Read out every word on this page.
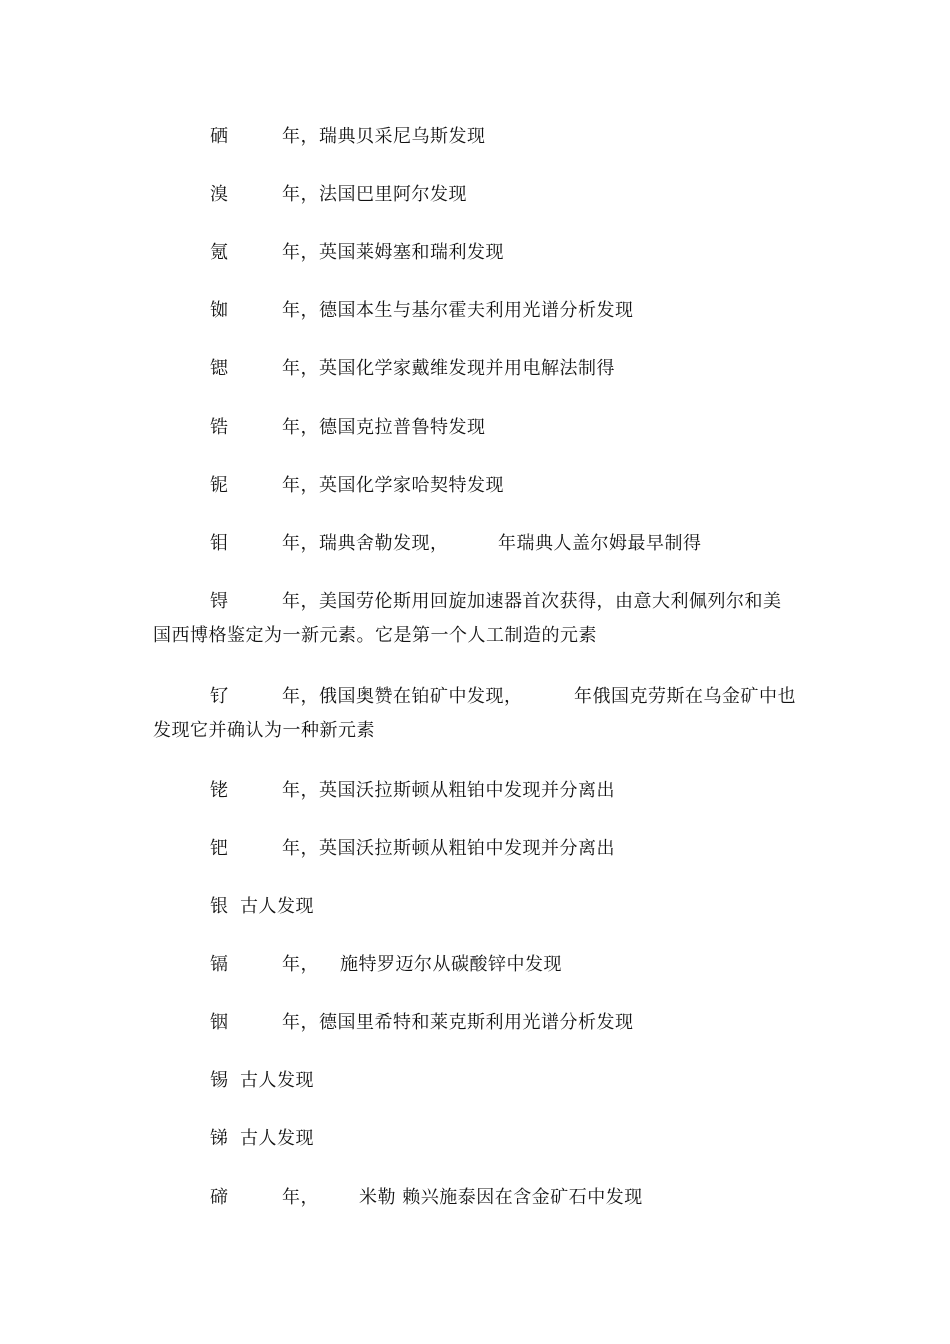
硒	年，瑞典贝采尼乌斯发现
溴	年，法国巴里阿尔发现
氪	年，英国莱姆塞和瑞利发现
铷	年，德国本生与基尔霍夫利用光谱分析发现
锶	年，英国化学家戴维发现并用电解法制得
锆	年，德国克拉普鲁特发现
铌	年，英国化学家哈契特发现
钼	年，瑞典舍勒发现，	年瑞典人盖尔姆最早制得
锝	年，美国劳伦斯用回旋加速器首次获得，由意大利佩列尔和美
国西博格鉴定为一新元素。它是第一个人工制造的元素
钌	年，俄国奥赞在铂矿中发现，	年俄国克劳斯在乌金矿中也
发现它并确认为一种新元素
铑	年，英国沃拉斯顿从粗铂中发现并分离出
钯	年，英国沃拉斯顿从粗铂中发现并分离出
银 古人发现
镉	年， 施特罗迈尔从碳酸锌中发现
铟	年，德国里希特和莱克斯利用光谱分析发现
锡 古人发现
锑 古人发现
碲	年， 米勒 赖兴施泰因在含金矿石中发现
